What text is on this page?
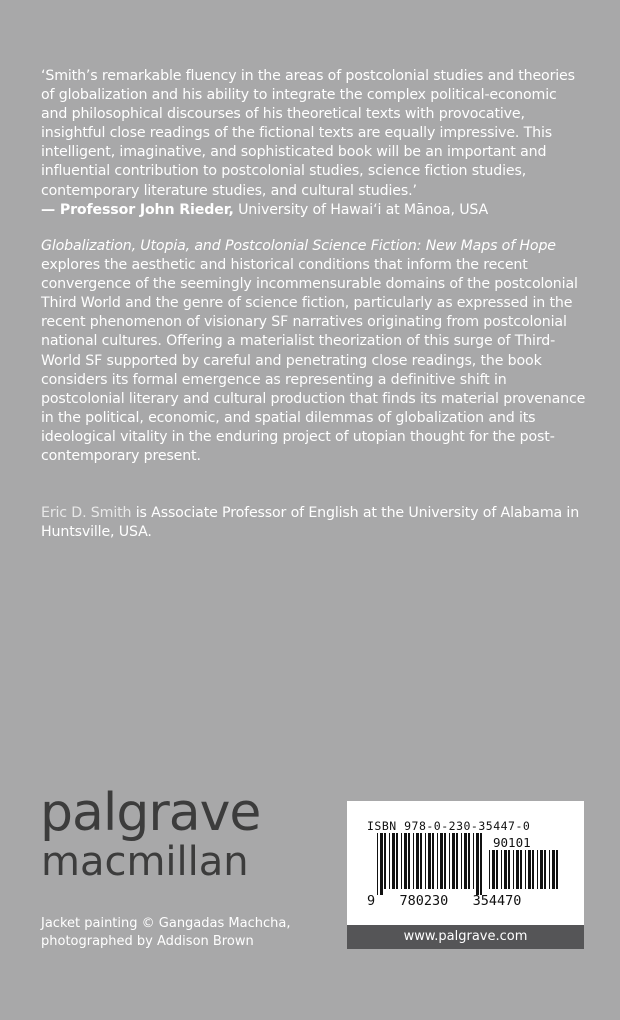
‘Smith’s remarkable fluency in the areas of postcolonial studies and theories of globalization and his ability to integrate the complex political-economic and philosophical discourses of his theoretical texts with provocative, insightful close readings of the fictional texts are equally impressive. This intelligent, imaginative, and sophisticated book will be an important and influential contribution to postcolonial studies, science fiction studies, contemporary literature studies, and cultural studies.’
— Professor John Rieder, University of Hawai‘i at Mānoa, USA
Globalization, Utopia, and Postcolonial Science Fiction: New Maps of Hope explores the aesthetic and historical conditions that inform the recent convergence of the seemingly incommensurable domains of the postcolonial Third World and the genre of science fiction, particularly as expressed in the recent phenomenon of visionary SF narratives originating from postcolonial national cultures. Offering a materialist theorization of this surge of Third-World SF supported by careful and penetrating close readings, the book considers its formal emergence as representing a definitive shift in postcolonial literary and cultural production that finds its material provenance in the political, economic, and spatial dilemmas of globalization and its ideological vitality in the enduring project of utopian thought for the post-contemporary present.
Eric D. Smith is Associate Professor of English at the University of Alabama in Huntsville, USA.
palgrave
macmillan
Jacket painting © Gangadas Machcha,
photographed by Addison Brown
ISBN 978-0-230-35447-0
90101
9   780230   354470
www.palgrave.com
